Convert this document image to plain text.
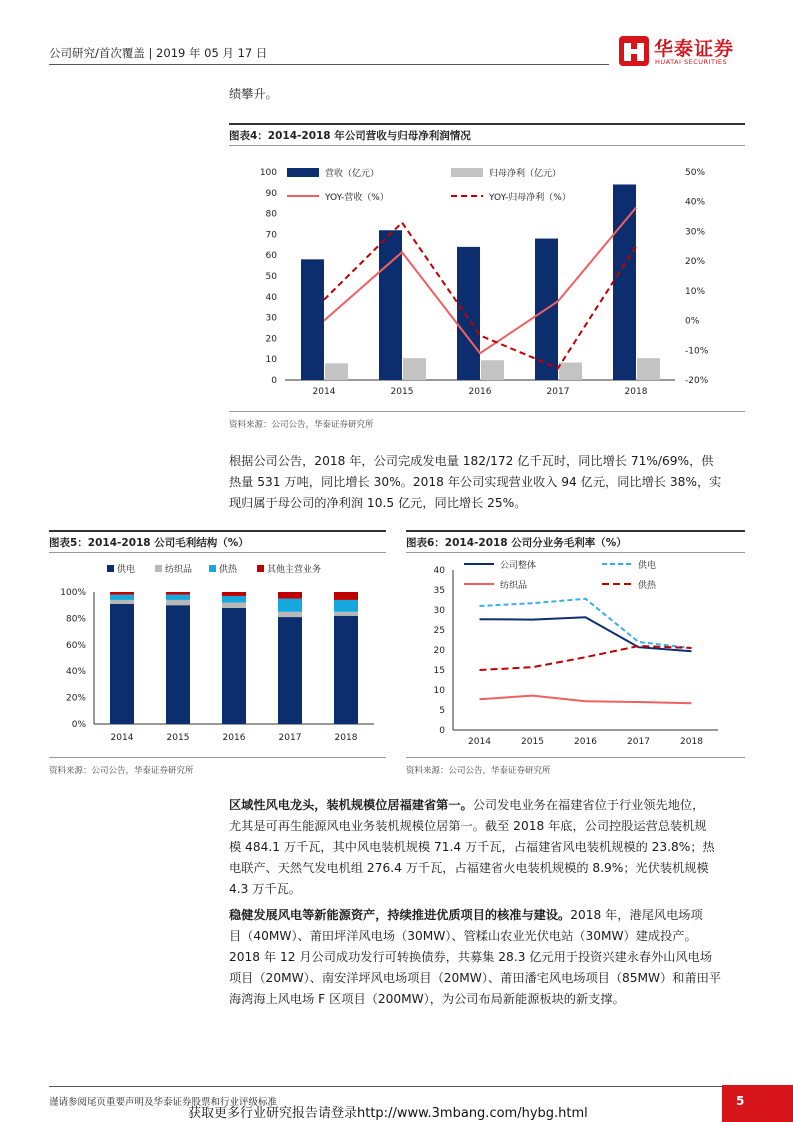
公司研究/首次覆盖 | 2019 年 05 月 17 日	华泰证券
HUATAI SECURITIES
绩攀升。
图表4：2014-2018 年公司营收与归母净利润情况
0
10
20
30
40
50
60
70
80
90
100
-20%
-10%
0%
10%
20%
30%
40%
50%
2014	2015	2016	2017	2018
营收（亿元）	归母净利（亿元）
YOY-营收（%）	YOY-归母净利（%）
资料来源：公司公告，华泰证券研究所
根据公司公告，2018 年，公司完成发电量 182/172 亿千瓦时，同比增长 71%/69%，供
热量 531 万吨，同比增长 30%。2018 年公司实现营业收入 94 亿元，同比增长 38%，实
现归属于母公司的净利润 10.5 亿元，同比增长 25%。
图表5：2014-2018 公司毛利结构（%）
0%
20%
40%
60%
80%
100%
2014	2015	2016	2017	2018
供电	纺织品	供热	其他主营业务
资料来源：公司公告，华泰证券研究所
图表6：2014-2018 公司分业务毛利率（%）
0
5
10
15
20
25
30
35
40
2014	2015	2016	2017	2018
公司整体	供电
纺织品	供热
资料来源：公司公告，华泰证券研究所
区域性风电龙头，装机规模位居福建省第一。公司发电业务在福建省位于行业领先地位，
尤其是可再生能源风电业务装机规模位居第一。截至 2018 年底，公司控股运营总装机规
模 484.1 万千瓦，其中风电装机规模 71.4 万千瓦，占福建省风电装机规模的 23.8%；热
电联产、天然气发电机组 276.4 万千瓦，占福建省火电装机规模的 8.9%；光伏装机规模
4.3 万千瓦。
稳健发展风电等新能源资产，持续推进优质项目的核准与建设。2018 年，港尾风电场项
目（40MW）、莆田坪洋风电场（30MW）、管糅山农业光伏电站（30MW）建成投产。
2018 年 12 月公司成功发行可转换债券，共募集 28.3 亿元用于投资兴建永春外山风电场
项目（20MW）、南安洋坪风电场项目（20MW）、莆田潘宅风电场项目（85MW）和莆田平
海湾海上风电场 F 区项目（200MW），为公司布局新能源板块的新支撑。
谨请参阅尾页重要声明及华泰证券股票和行业评级标准
获取更多行业研究报告请登录http://www.3mbang.com/hybg.html
5
